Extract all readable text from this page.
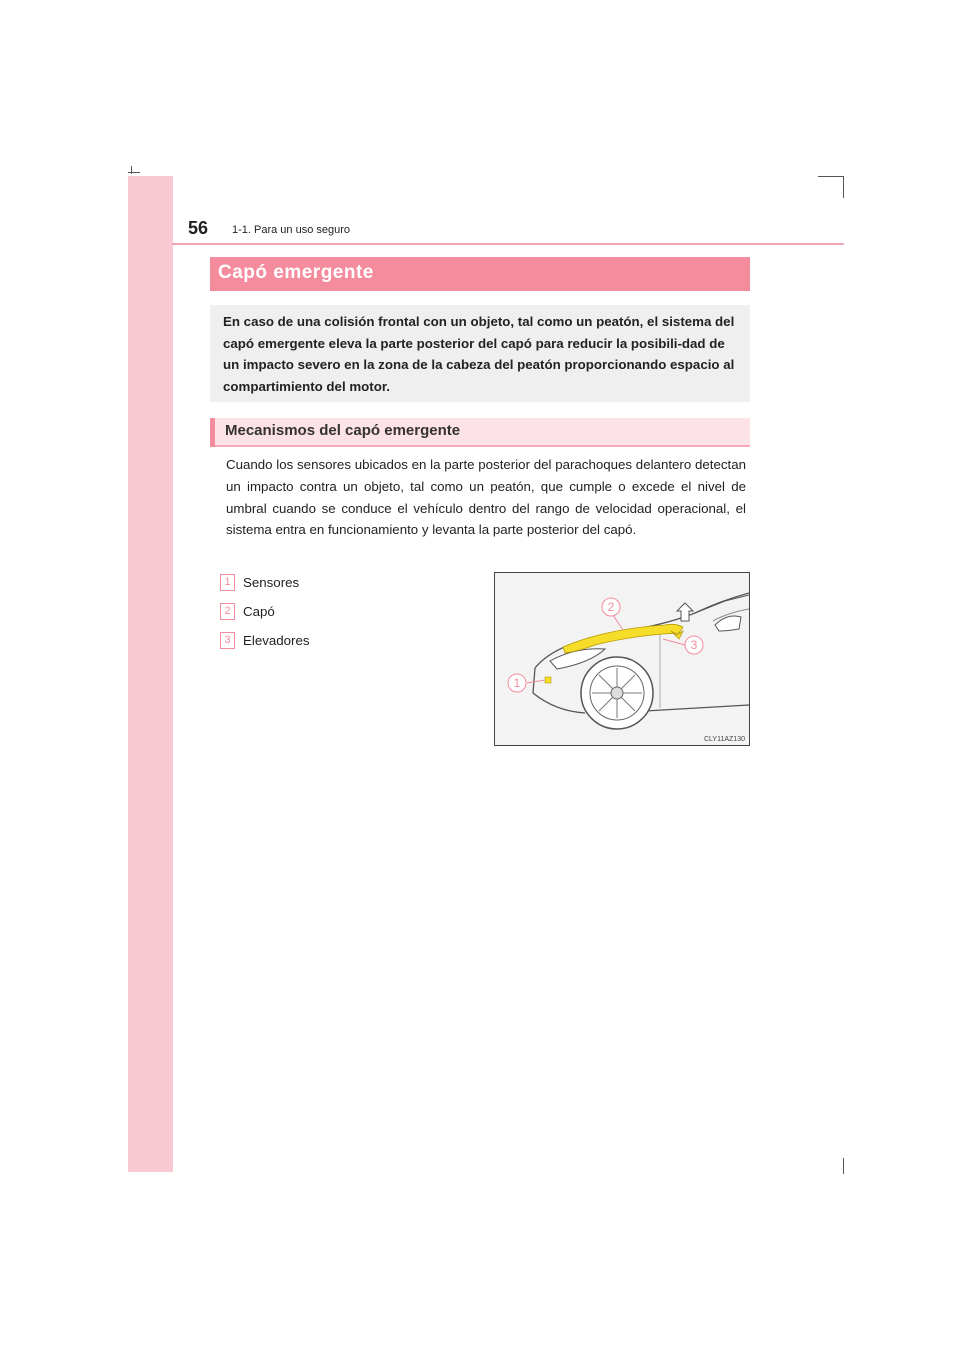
56 1-1. Para un uso seguro
Capó emergente
En caso de una colisión frontal con un objeto, tal como un peatón, el sistema del capó emergente eleva la parte posterior del capó para reducir la posibili-dad de un impacto severo en la zona de la cabeza del peatón proporcionando espacio al compartimiento del motor.
Mecanismos del capó emergente
Cuando los sensores ubicados en la parte posterior del parachoques delantero detectan un impacto contra un objeto, tal como un peatón, que cumple o excede el nivel de umbral cuando se conduce el vehículo dentro del rango de velocidad operacional, el sistema entra en funcionamiento y levanta la parte posterior del capó.
1 Sensores
2 Capó
3 Elevadores
1
2
3
CLY11AZ130
